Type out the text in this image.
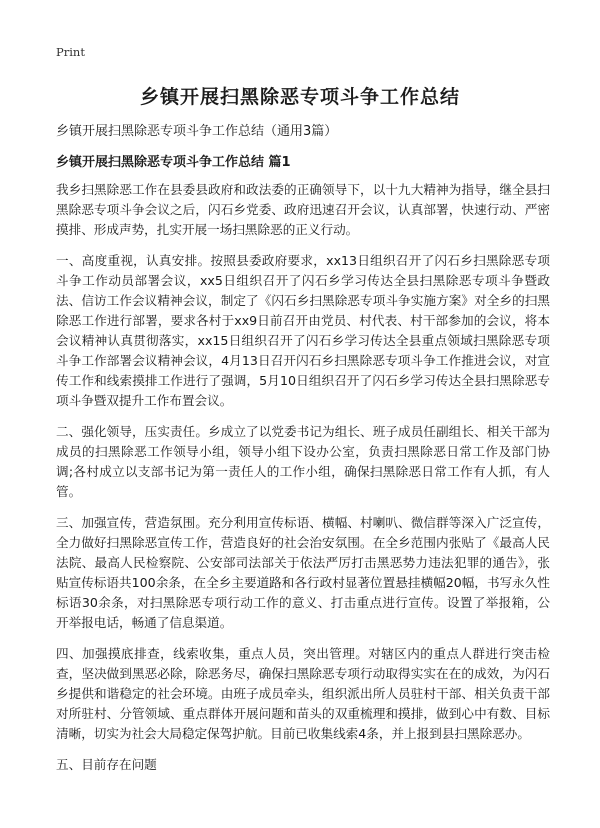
Print
乡镇开展扫黑除恶专项斗争工作总结
乡镇开展扫黑除恶专项斗争工作总结（通用3篇）
乡镇开展扫黑除恶专项斗争工作总结 篇1

我乡扫黑除恶工作在县委县政府和政法委的正确领导下，以十九大精神为指导，继全县扫黑除恶专项斗争会议之后，闪石乡党委、政府迅速召开会议，认真部署，快速行动、严密摸排、形成声势，扎实开展一场扫黑除恶的正义行动。

一、高度重视，认真安排。按照县委政府要求，xx13日组织召开了闪石乡扫黑除恶专项斗争工作动员部署会议，xx5日组织召开了闪石乡学习传达全县扫黑除恶专项斗争暨政法、信访工作会议精神会议，制定了《闪石乡扫黑除恶专项斗争实施方案》对全乡的扫黑除恶工作进行部署，要求各村于xx9日前召开由党员、村代表、村干部参加的会议，将本会议精神认真贯彻落实，xx15日组织召开了闪石乡学习传达全县重点领域扫黑除恶专项斗争工作部署会议精神会议，4月13日召开闪石乡扫黑除恶专项斗争工作推进会议，对宣传工作和线索摸排工作进行了强调，5月10日组织召开了闪石乡学习传达全县扫黑除恶专项斗争暨双提升工作布置会议。

二、强化领导，压实责任。乡成立了以党委书记为组长、班子成员任副组长、相关干部为成员的扫黑除恶工作领导小组，领导小组下设办公室，负责扫黑除恶日常工作及部门协调;各村成立以支部书记为第一责任人的工作小组，确保扫黑除恶日常工作有人抓，有人管。

三、加强宣传，营造氛围。充分利用宣传标语、横幅、村喇叭、微信群等深入广泛宣传，全力做好扫黑除恶宣传工作，营造良好的社会治安氛围。在全乡范围内张贴了《最高人民法院、最高人民检察院、公安部司法部关于依法严厉打击黑恶势力违法犯罪的通告》，张贴宣传标语共100余条，在全乡主要道路和各行政村显著位置悬挂横幅20幅，书写永久性标语30余条，对扫黑除恶专项行动工作的意义、打击重点进行宣传。设置了举报箱，公开举报电话，畅通了信息渠道。

四、加强摸底排查，线索收集，重点人员，突出管理。对辖区内的重点人群进行突击检查，坚决做到黑恶必除，除恶务尽，确保扫黑除恶专项行动取得实实在在的成效，为闪石乡提供和谐稳定的社会环境。由班子成员牵头，组织派出所人员驻村干部、相关负责干部对所驻村、分管领域、重点群体开展问题和苗头的双重梳理和摸排，做到心中有数、目标清晰，切实为社会大局稳定保驾护航。目前已收集线索4条，并上报到县扫黑除恶办。

五、目前存在问题
